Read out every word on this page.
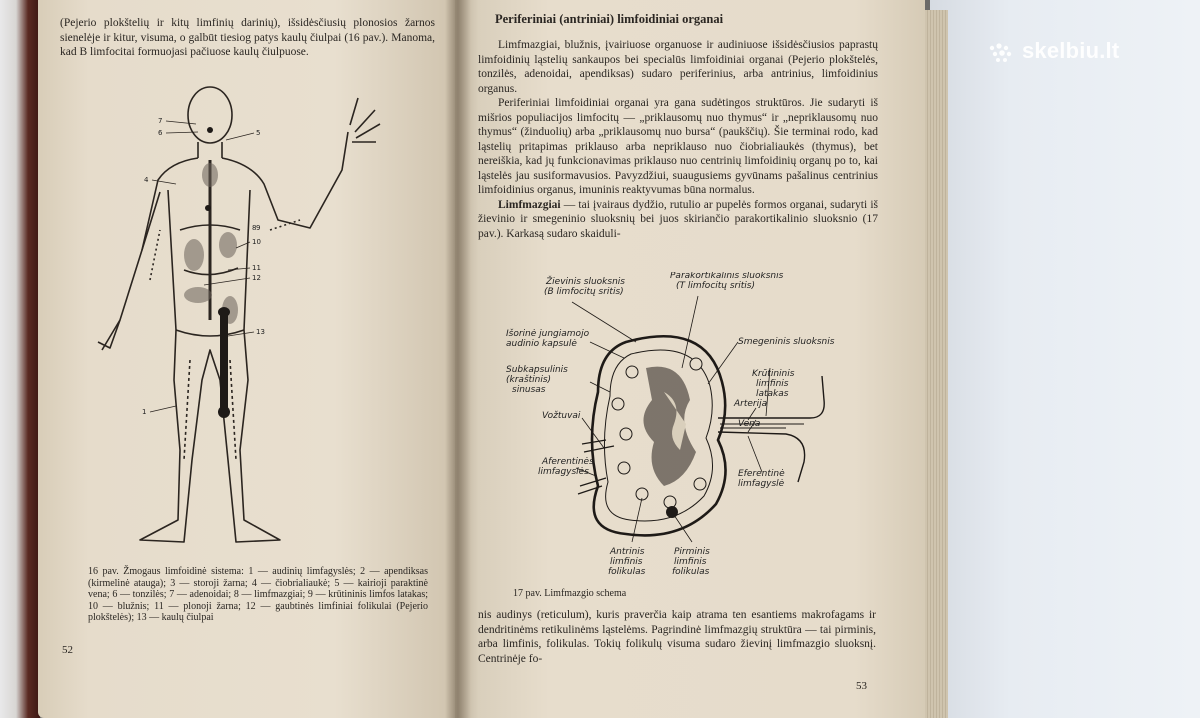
(Pejerio plokštelių ir kitų limfinių darinių), išsidėsčiusių plonosios žarnos sienelėje ir kitur, visuma, o galbūt tiesiog patys kaulų čiulpai (16 pav.). Manoma, kad B limfocitai formuojasi pačiuose kaulų čiulpuose.
7
6	5
4
8 9
10
11
12
13
1
16 pav. Žmogaus limfoidinė sistema: 1 — audinių limfagyslės; 2 — apendiksas (kirmelinė atauga); 3 — storoji žarna; 4 — čiobrialiaukė; 5 — kairioji paraktinė vena; 6 — tonzilės; 7 — adenoidai; 8 — limfmazgiai; 9 — krūtininis limfos latakas; 10 — blužnis; 11 — plonoji žarna; 12 — gaubtinės limfiniai folikulai (Pejerio plokštelės); 13 — kaulų čiulpai
52
Periferiniai (antriniai) limfoidiniai organai

Limfmazgiai, blužnis, įvairiuose organuose ir audiniuose išsidėsčiusios paprastų limfoidinių ląstelių sankaupos bei specialūs limfoidiniai organai (Pejerio plokštelės, tonzilės, adenoidai, apendiksas) sudaro periferinius, arba antrinius, limfoidinius organus.

Periferiniai limfoidiniai organai yra gana sudėtingos struktūros. Jie sudaryti iš mišrios populiacijos limfocitų — „priklausomų nuo thymus“ ir „nepriklausomų nuo thymus“ (žinduolių) arba „priklausomų nuo bursa“ (paukščių). Šie terminai rodo, kad ląstelių pritapimas priklauso arba nepriklauso nuo čiobrialiaukės (thymus), bet nereiškia, kad jų funkcionavimas priklauso nuo centrinių limfoidinių organų po to, kai ląstelės jau susiformavusios. Pavyzdžiui, suaugusiems gyvūnams pašalinus centrinius limfoidinius organus, imuninis reaktyvumas būna normalus.

Limfmazgiai — tai įvairaus dydžio, rutulio ar pupelės formos organai, sudaryti iš žievinio ir smegeninio sluoksnių bei juos skiriančio parakortikalinio sluoksnio (17 pav.). Karkasą sudaro skaiduli-

Žievinis sluoksnis
(B limfocitų sritis)
Parakortikalinis sluoksnis
(T limfocitų sritis)
Išorinė jungiamojo audinio kapsulė	Smegeninis sluoksnis
Subkapsulinis (kraštinis) sinusas
Krūtininis limfinis latakas
Arterija
Vena
Vožtuvai
Aferentinės limfagyslės	Eferentinė limfagyslė
Antrinis limfinis folikulas
Pirminis limfinis folikulas
17 pav. Limfmazgio schema
nis audinys (reticulum), kuris praverčia kaip atrama ten esantiems makrofagams ir dendritinėms retikulinėms ląstelėms. Pagrindinė limfmazgių struktūra — tai pirminis, arba limfinis, folikulas. Tokių folikulų visuma sudaro žievinį limfmazgio sluoksnį. Centrinėje fo-
53
skelbiu.lt
